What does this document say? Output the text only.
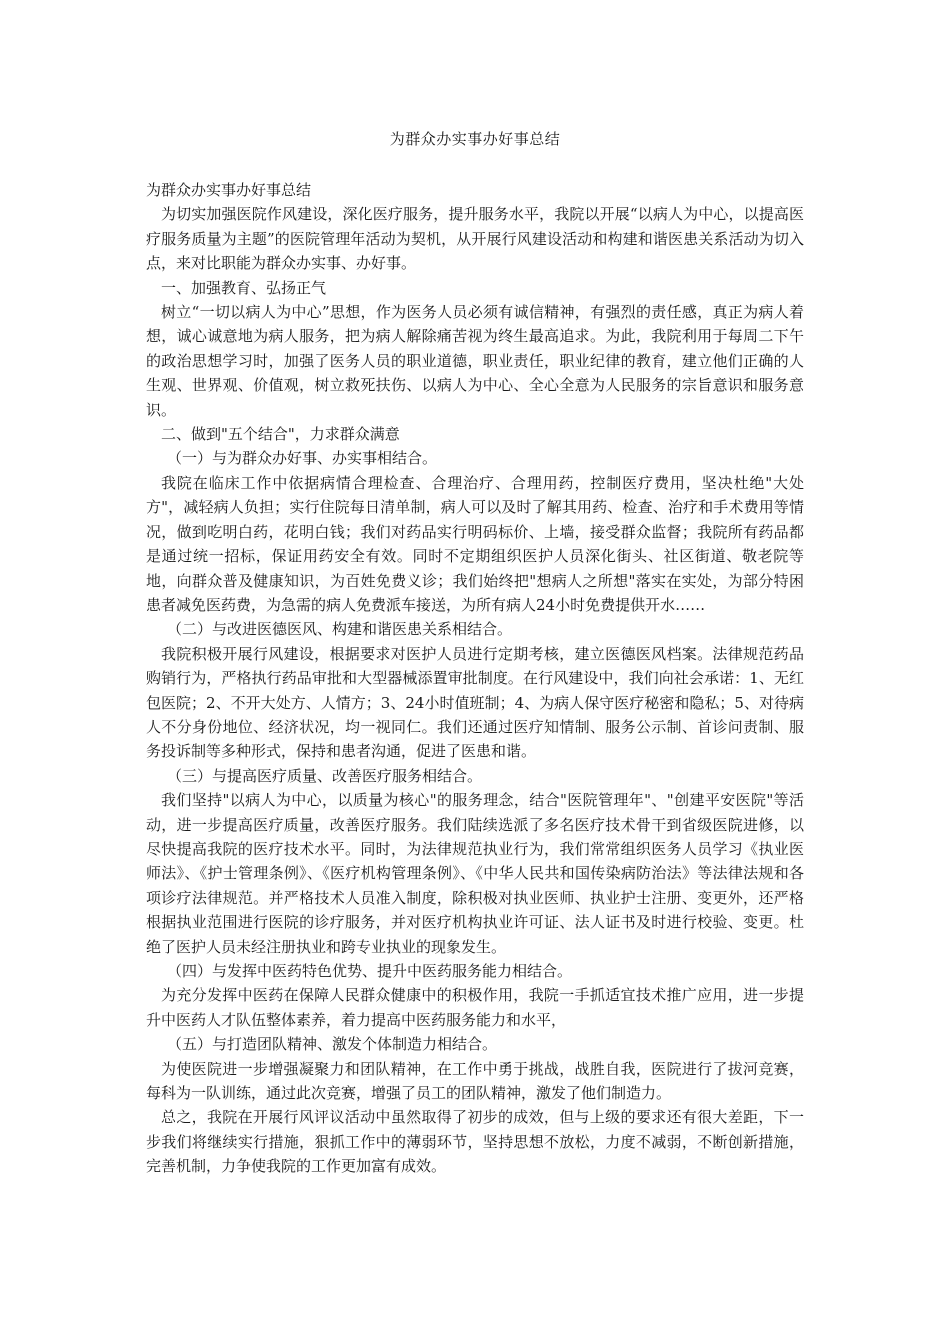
为群众办实事办好事总结

为群众办实事办好事总结

为切实加强医院作风建设，深化医疗服务，提升服务水平，我院以开展“以病人为中心，以提高医疗服务质量为主题”的医院管理年活动为契机，从开展行风建设活动和构建和谐医患关系活动为切入点，来对比职能为群众办实事、办好事。

一、加强教育、弘扬正气

树立“一切以病人为中心”思想，作为医务人员必须有诚信精神，有强烈的责任感，真正为病人着想，诚心诚意地为病人服务，把为病人解除痛苦视为终生最高追求。为此，我院利用于每周二下午的政治思想学习时，加强了医务人员的职业道德，职业责任，职业纪律的教育，建立他们正确的人生观、世界观、价值观，树立救死扶伤、以病人为中心、全心全意为人民服务的宗旨意识和服务意识。

二、做到"五个结合"，力求群众满意

（一）与为群众办好事、办实事相结合。

我院在临床工作中依据病情合理检查、合理治疗、合理用药，控制医疗费用，坚决杜绝"大处方"，减轻病人负担；实行住院每日清单制，病人可以及时了解其用药、检查、治疗和手术费用等情况，做到吃明白药，花明白钱；我们对药品实行明码标价、上墙，接受群众监督；我院所有药品都是通过统一招标，保证用药安全有效。同时不定期组织医护人员深化街头、社区街道、敬老院等地，向群众普及健康知识，为百姓免费义诊；我们始终把"想病人之所想"落实在实处，为部分特困患者减免医药费，为急需的病人免费派车接送，为所有病人24小时免费提供开水……

（二）与改进医德医风、构建和谐医患关系相结合。

我院积极开展行风建设，根据要求对医护人员进行定期考核，建立医德医风档案。法律规范药品购销行为，严格执行药品审批和大型器械添置审批制度。在行风建设中，我们向社会承诺：1、无红包医院；2、不开大处方、人情方；3、24小时值班制；4、为病人保守医疗秘密和隐私；5、对待病人不分身份地位、经济状况，均一视同仁。我们还通过医疗知情制、服务公示制、首诊问责制、服务投诉制等多种形式，保持和患者沟通，促进了医患和谐。

（三）与提高医疗质量、改善医疗服务相结合。

我们坚持"以病人为中心，以质量为核心"的服务理念，结合"医院管理年"、"创建平安医院"等活动，进一步提高医疗质量，改善医疗服务。我们陆续选派了多名医疗技术骨干到省级医院进修，以尽快提高我院的医疗技术水平。同时，为法律规范执业行为，我们常常组织医务人员学习《执业医师法》、《护士管理条例》、《医疗机构管理条例》、《中华人民共和国传染病防治法》等法律法规和各项诊疗法律规范。并严格技术人员准入制度，除积极对执业医师、执业护士注册、变更外，还严格根据执业范围进行医院的诊疗服务，并对医疗机构执业许可证、法人证书及时进行校验、变更。杜绝了医护人员未经注册执业和跨专业执业的现象发生。

（四）与发挥中医药特色优势、提升中医药服务能力相结合。

为充分发挥中医药在保障人民群众健康中的积极作用，我院一手抓适宜技术推广应用，进一步提升中医药人才队伍整体素养，着力提高中医药服务能力和水平，

（五）与打造团队精神、激发个体制造力相结合。

为使医院进一步增强凝聚力和团队精神，在工作中勇于挑战，战胜自我，医院进行了拔河竞赛，每科为一队训练，通过此次竞赛，增强了员工的团队精神，激发了他们制造力。

总之，我院在开展行风评议活动中虽然取得了初步的成效，但与上级的要求还有很大差距，下一步我们将继续实行措施，狠抓工作中的薄弱环节，坚持思想不放松，力度不减弱，不断创新措施，完善机制，力争使我院的工作更加富有成效。
